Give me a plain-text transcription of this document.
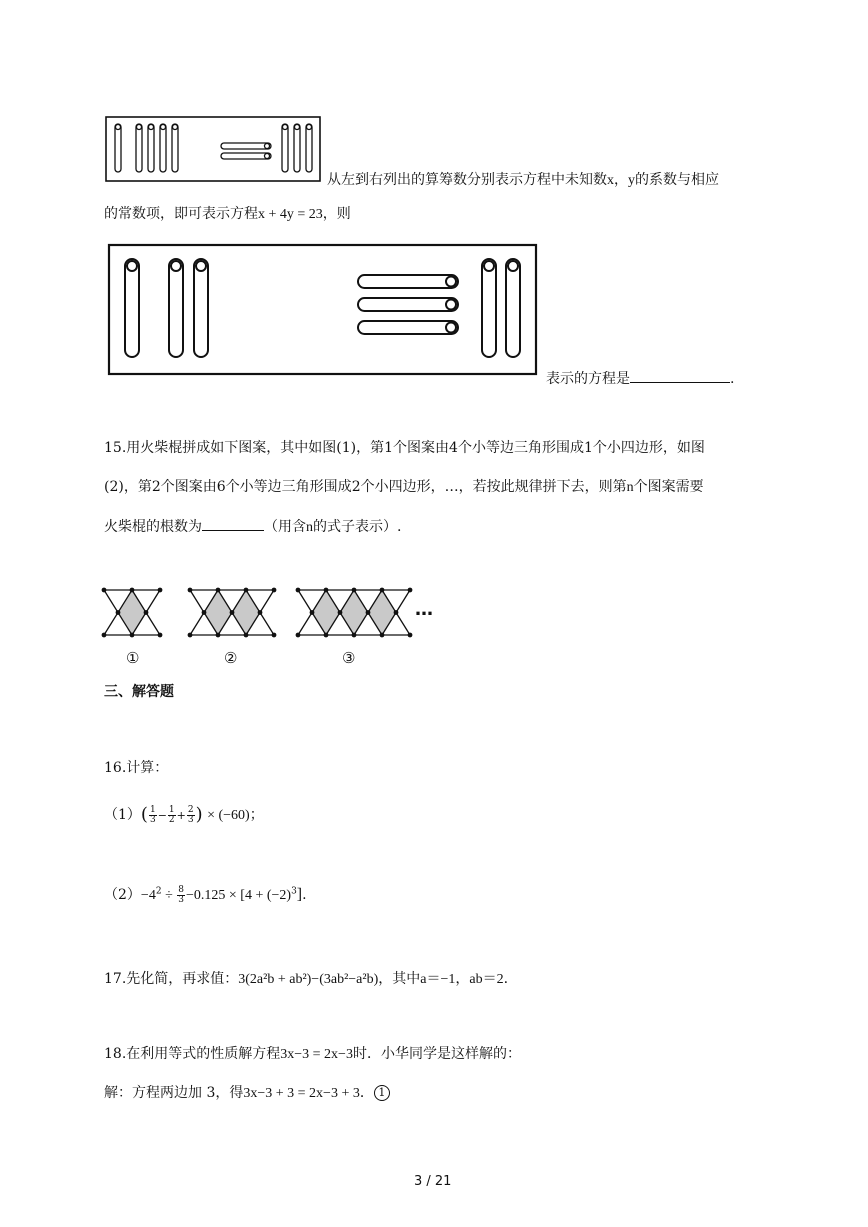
从左到右列出的算筹数分别表示方程中未知数x，y的系数与相应
的常数项，即可表示方程x + 4y = 23，则
表示的方程是	.
15.用火柴棍拼成如下图案，其中如图(1)，第1个图案由4个小等边三角形围成1个小四边形，如图
(2)，第2个图案由6个小等边三角形围成2个小四边形，…，若按此规律拼下去，则第n个图案需要
火柴棍的根数为	（用含n的式子表示）.
①	②	③
…
三、解答题
16.计算：
$(1)( \frac{1}{3} - \frac{1}{2} + \frac{2}{3}$ ) × (−60)；
$(2)-4^2 \div \frac{8}{3} -0.125 \times [4 + (-2)^3]$.
17.先化简，再求值：3(2a²b + ab²)−(3ab²−a²b)，其中a＝−1，ab＝2.
18.在利用等式的性质解方程3x−3 = 2x−3时．小华同学是这样解的：
解：方程两边加 3，得3x−3 + 3 = 2x−3 + 3． 1
3 / 21
